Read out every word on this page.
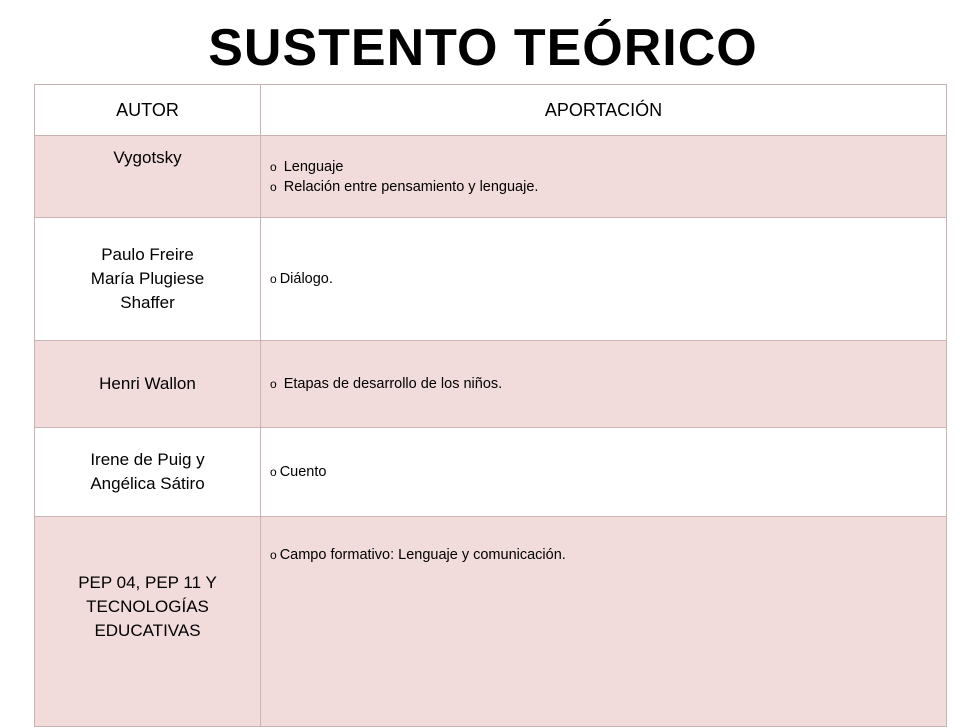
SUSTENTO TEÓRICO
AUTOR	APORTACIÓN

Vygotsky	o Lenguaje
o Relación entre pensamiento y lenguaje.

Paulo Freire
María Plugiese
Shaffer	o Diálogo.

Henri Wallon	o Etapas de desarrollo de los niños.

Irene de Puig y
Angélica Sátiro	o Cuento

PEP 04, PEP 11 Y
TECNOLOGÍAS
EDUCATIVAS	o Campo formativo: Lenguaje y comunicación.
